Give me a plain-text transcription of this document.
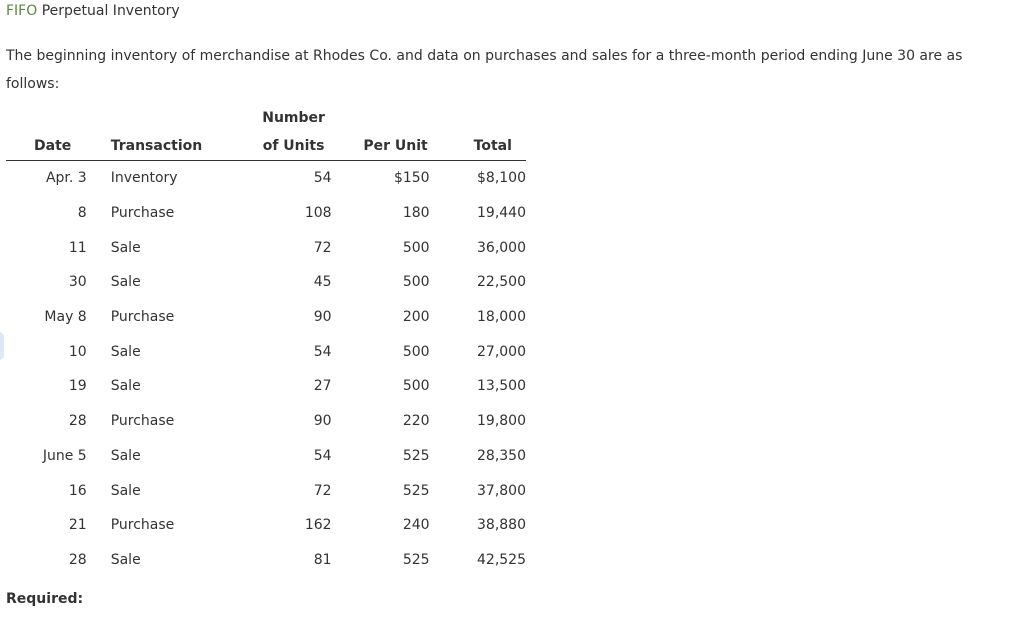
FIFO Perpetual Inventory
The beginning inventory of merchandise at Rhodes Co. and data on purchases and sales for a three-month period ending June 30 are as follows:
Date	Transaction	Number
of Units	Per Unit	Total
Apr. 3	Inventory	54	$150	$8,100
8	Purchase	108	180	19,440
11	Sale	72	500	36,000
30	Sale	45	500	22,500
May 8	Purchase	90	200	18,000
10	Sale	54	500	27,000
19	Sale	27	500	13,500
28	Purchase	90	220	19,800
June 5	Sale	54	525	28,350
16	Sale	72	525	37,800
21	Purchase	162	240	38,880
28	Sale	81	525	42,525
Required:
